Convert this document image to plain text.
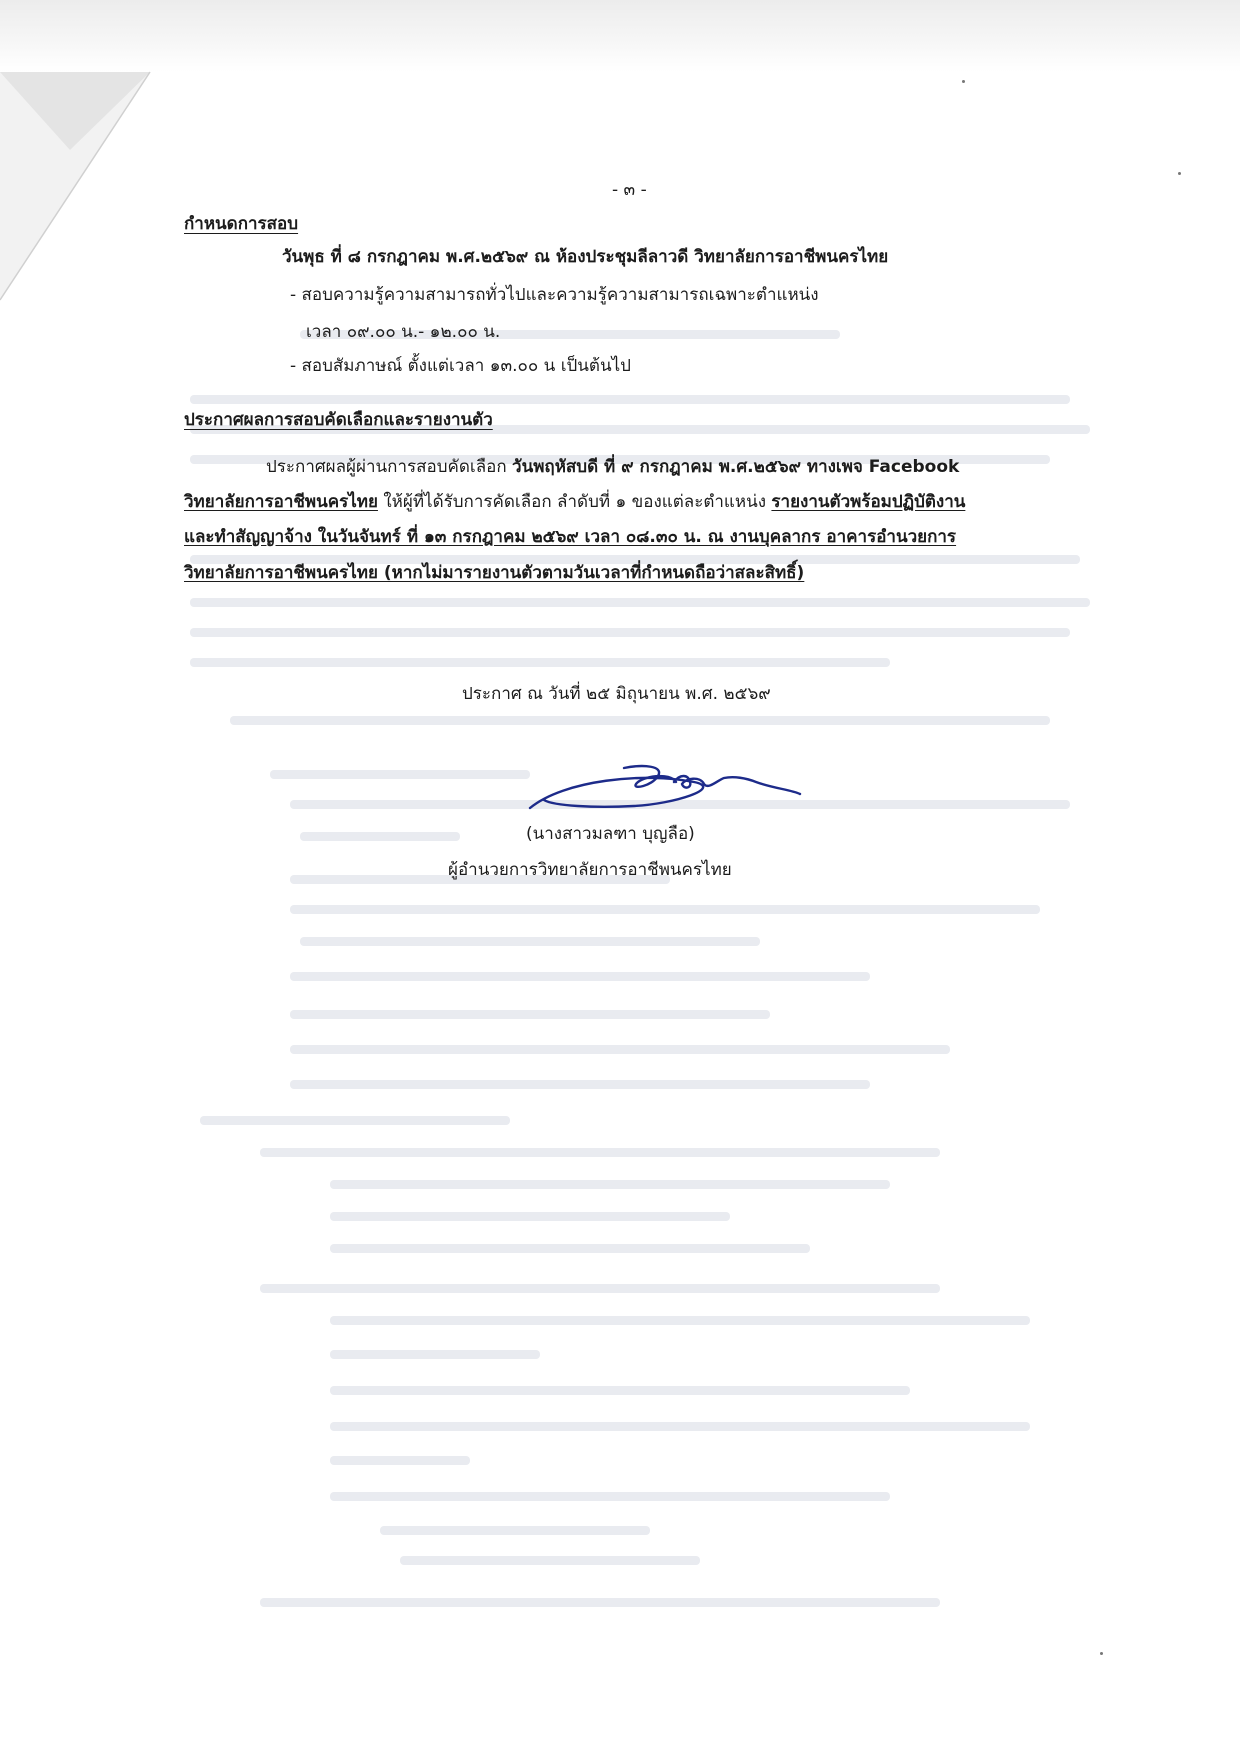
- ๓ -
กำหนดการสอบ
วันพุธ ที่ ๘ กรกฎาคม พ.ศ.๒๕๖๙ ณ ห้องประชุมลีลาวดี วิทยาลัยการอาชีพนครไทย
- สอบความรู้ความสามารถทั่วไปและความรู้ความสามารถเฉพาะตำแหน่ง
เวลา ๐๙.๐๐ น.- ๑๒.๐๐ น.
- สอบสัมภาษณ์ ตั้งแต่เวลา ๑๓.๐๐ น เป็นต้นไป
ประกาศผลการสอบคัดเลือกและรายงานตัว
ประกาศผลผู้ผ่านการสอบคัดเลือก วันพฤหัสบดี ที่ ๙ กรกฎาคม พ.ศ.๒๕๖๙ ทางเพจ Facebook
วิทยาลัยการอาชีพนครไทย ให้ผู้ที่ได้รับการคัดเลือก ลำดับที่ ๑ ของแต่ละตำแหน่ง รายงานตัวพร้อมปฏิบัติงาน
และทำสัญญาจ้าง ในวันจันทร์ ที่ ๑๓ กรกฎาคม ๒๕๖๙ เวลา ๐๘.๓๐ น. ณ งานบุคลากร อาคารอำนวยการ
วิทยาลัยการอาชีพนครไทย (หากไม่มารายงานตัวตามวันเวลาที่กำหนดถือว่าสละสิทธิ์)
ประกาศ ณ วันที่ ๒๕ มิถุนายน พ.ศ. ๒๕๖๙
(นางสาวมลฑา บุญลือ)
ผู้อำนวยการวิทยาลัยการอาชีพนครไทย
